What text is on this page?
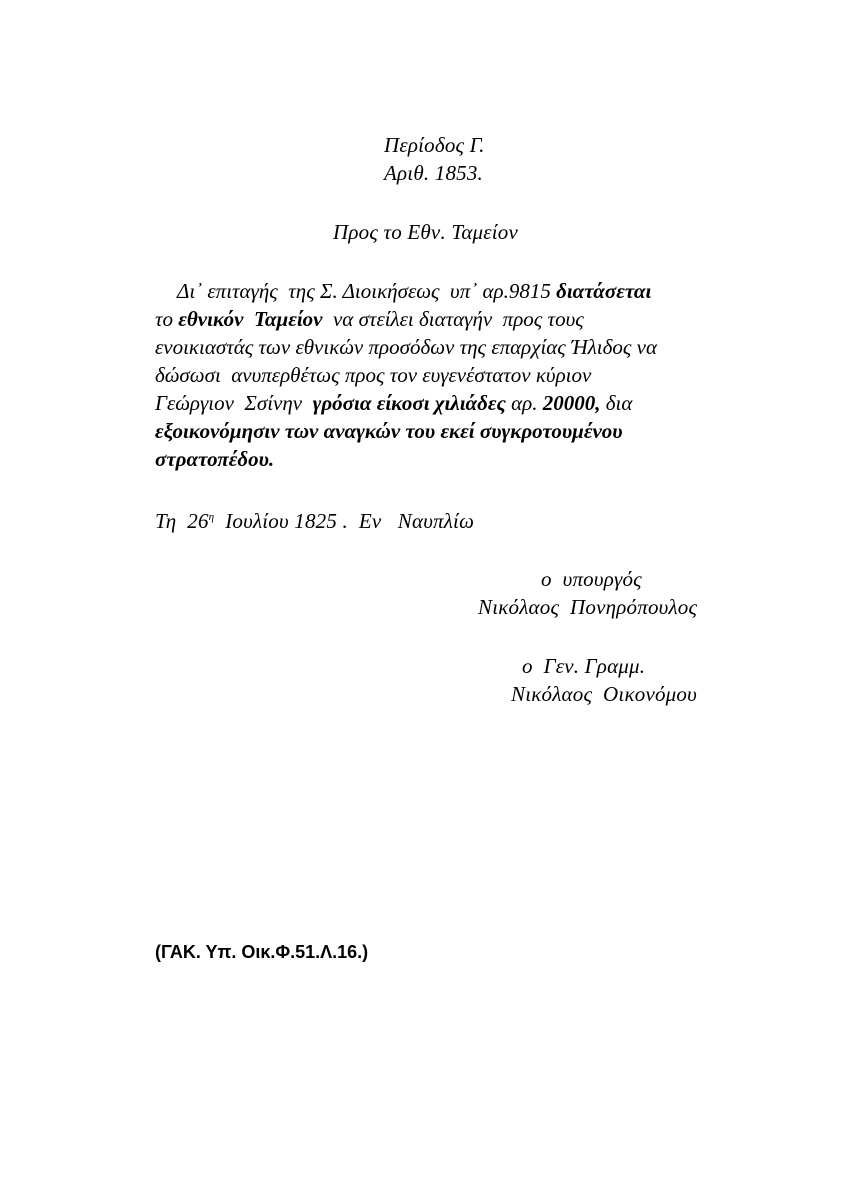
Περίοδος Γ.
Αριθ. 1853.
Προς το Εθν. Ταμείον
Δι᾽ επιταγής  της Σ. Διοικήσεως  υπ᾽ αρ.9815 διατάσεται
το εθνικόν  Ταμείον  να στείλει διαταγήν  προς τους
ενοικιαστάς των εθνικών προσόδων της επαρχίας Ήλιδος να
δώσωσι  ανυπερθέτως προς τον ευγενέστατον κύριον
Γεώργιον  Σσίνην  γρόσια είκοσι χιλιάδες αρ. 20000, δια
εξοικονόμησιν των αναγκών του εκεί συγκροτουμένου
στρατοπέδου.
Τη  $26^\eta$  Ιουλίου 1825 .  Εν   Ναυπλίω
ο  υπουργός
Νικόλαος  Πονηρόπουλος
ο  Γεν. Γραμμ.
Νικόλαος  Οικονόμου
(ΓΑΚ. Υπ. Οικ.Φ.51.Λ.16.)
